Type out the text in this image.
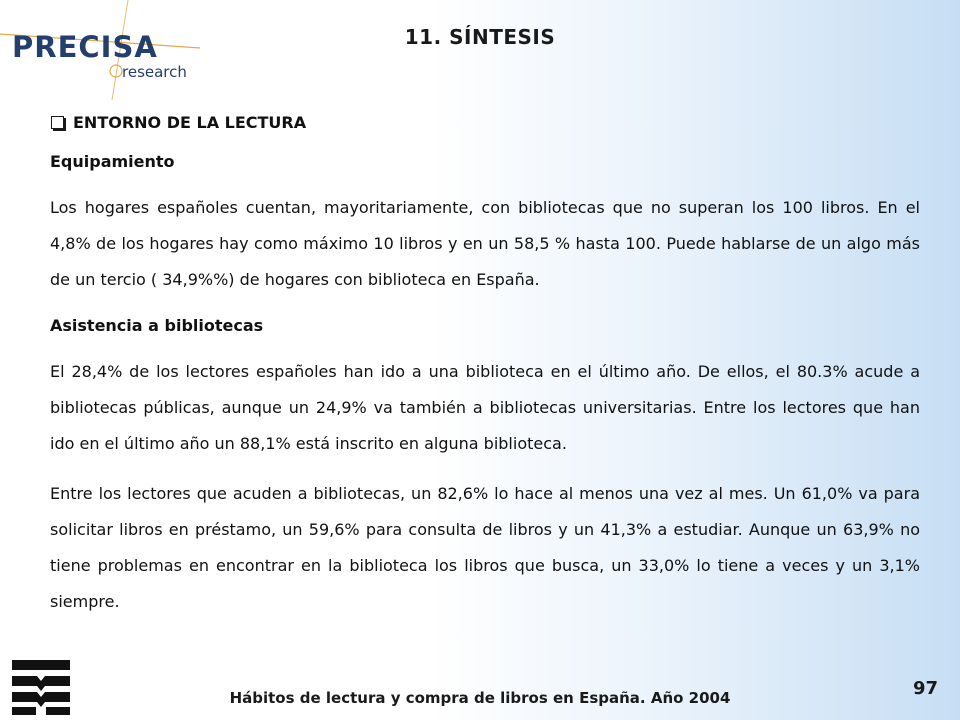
PRECISA
research
11. SÍNTESIS
ENTORNO DE LA LECTURA
Equipamiento

Los hogares españoles cuentan, mayoritariamente, con bibliotecas que no superan los 100 libros. En el 4,8% de los hogares hay como máximo 10 libros y en un 58,5 % hasta 100. Puede hablarse de un algo más de un tercio ( 34,9%%) de hogares con biblioteca en España.

Asistencia a bibliotecas

El 28,4% de los lectores españoles han ido a una biblioteca en el último año. De ellos, el 80.3% acude a bibliotecas públicas, aunque un 24,9% va también a bibliotecas universitarias. Entre los lectores que han ido en el último año un 88,1% está inscrito en alguna biblioteca.

Entre los lectores que acuden a bibliotecas, un 82,6% lo hace al menos una vez al mes. Un 61,0% va para solicitar libros en préstamo, un 59,6% para consulta de libros y un 41,3% a estudiar. Aunque un 63,9% no tiene problemas en encontrar en la biblioteca los libros que busca, un 33,0% lo tiene a veces y un 3,1% siempre.

Hábitos de lectura y compra de libros en España. Año 2004	97
